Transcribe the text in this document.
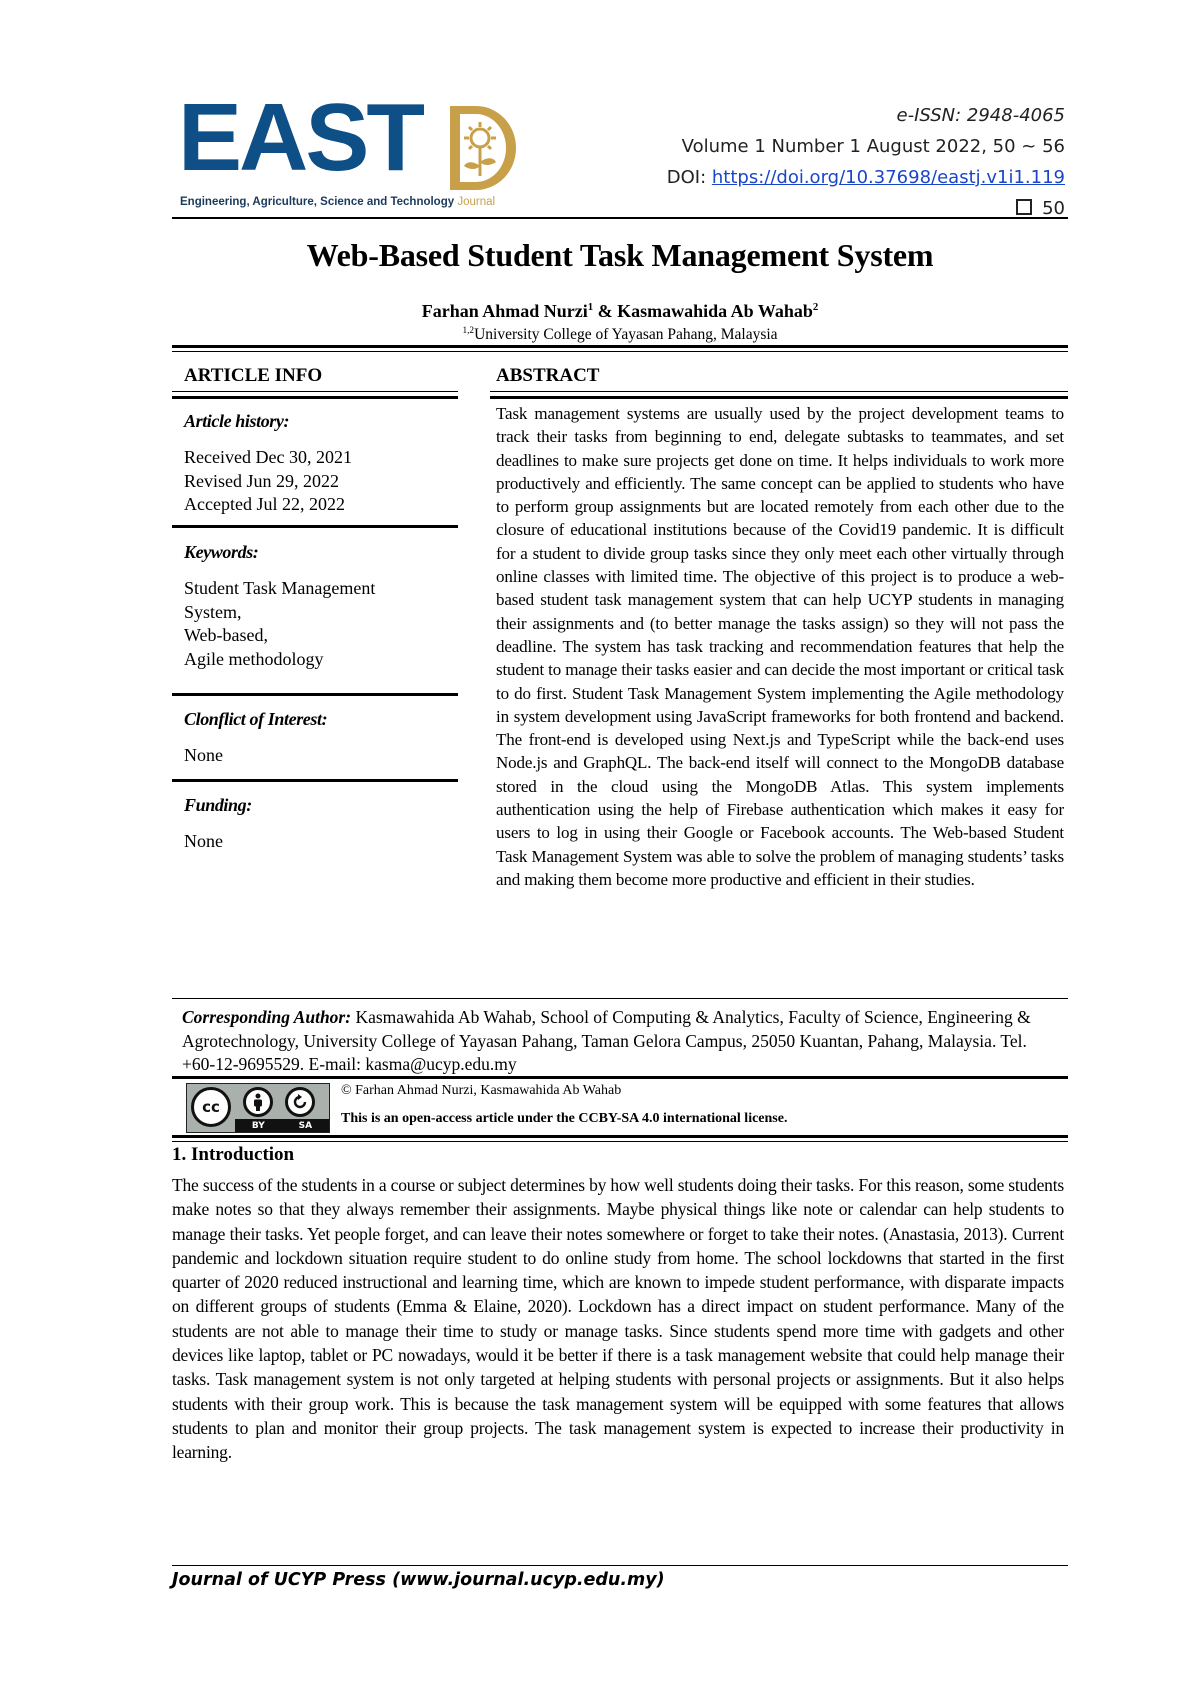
EAST
Engineering, Agriculture, Science and Technology Journal
e-ISSN: 2948-4065
Volume 1 Number 1 August 2022, 50 ~ 56
DOI: https://doi.org/10.37698/eastj.v1i1.119
50
Web-Based Student Task Management System
Farhan Ahmad Nurzi$^1$ & Kasmawahida Ab Wahab$^2$
$^{1,2}$University College of Yayasan Pahang, Malaysia
ARTICLE INFO
Article history:
Received Dec 30, 2021
Revised Jun 29, 2022
Accepted Jul 22, 2022
Keywords:
Student Task Management
System,
Web-based,
Agile methodology
Clonflict of Interest:
None
Funding:
None
ABSTRACT
Task management systems are usually used by the project development teams to track their tasks from beginning to end, delegate subtasks to teammates, and set deadlines to make sure projects get done on time. It helps individuals to work more productively and efficiently. The same concept can be applied to students who have to perform group assignments but are located remotely from each other due to the closure of educational institutions because of the Covid19 pandemic. It is difficult for a student to divide group tasks since they only meet each other virtually through online classes with limited time. The objective of this project is to produce a web-based student task management system that can help UCYP students in managing their assignments and (to better manage the tasks assign) so they will not pass the deadline. The system has task tracking and recommendation features that help the student to manage their tasks easier and can decide the most important or critical task to do first. Student Task Management System implementing the Agile methodology in system development using JavaScript frameworks for both frontend and backend. The front-end is developed using Next.js and TypeScript while the back-end uses Node.js and GraphQL. The back-end itself will connect to the MongoDB database stored in the cloud using the MongoDB Atlas. This system implements authentication using the help of Firebase authentication which makes it easy for users to log in using their Google or Facebook accounts. The Web-based Student Task Management System was able to solve the problem of managing students’ tasks and making them become more productive and efficient in their studies.
Corresponding Author: Kasmawahida Ab Wahab, School of Computing & Analytics, Faculty of Science, Engineering & Agrotechnology, University College of Yayasan Pahang, Taman Gelora Campus, 25050 Kuantan, Pahang, Malaysia. Tel. +60-12-9695529. E-mail: kasma@ucyp.edu.my
cc
BY	SA
© Farhan Ahmad Nurzi, Kasmawahida Ab Wahab
This is an open-access article under the CCBY-SA 4.0 international license.
1. Introduction
The success of the students in a course or subject determines by how well students doing their tasks. For this reason, some students make notes so that they always remember their assignments. Maybe physical things like note or calendar can help students to manage their tasks. Yet people forget, and can leave their notes somewhere or forget to take their notes. (Anastasia, 2013). Current pandemic and lockdown situation require student to do online study from home. The school lockdowns that started in the first quarter of 2020 reduced instructional and learning time, which are known to impede student performance, with disparate impacts on different groups of students (Emma & Elaine, 2020). Lockdown has a direct impact on student performance. Many of the students are not able to manage their time to study or manage tasks. Since students spend more time with gadgets and other devices like laptop, tablet or PC nowadays, would it be better if there is a task management website that could help manage their tasks. Task management system is not only targeted at helping students with personal projects or assignments. But it also helps students with their group work. This is because the task management system will be equipped with some features that allows students to plan and monitor their group projects. The task management system is expected to increase their productivity in learning.
Journal of UCYP Press (www.journal.ucyp.edu.my)
